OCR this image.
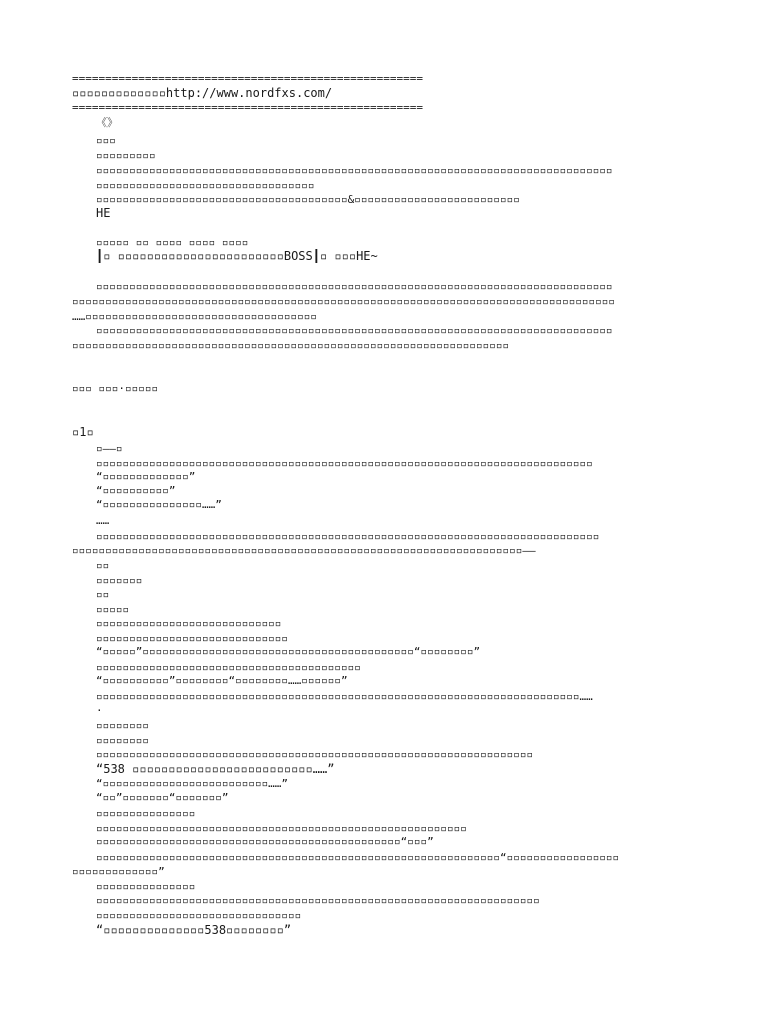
=====================================================
▫▫▫▫▫▫▫▫▫▫▫▫▫http://www.nordfxs.com/
=====================================================
《》
▫▫▫
▫▫▫▫▫▫▫▫▫
▫▫▫▫▫▫▫▫▫▫▫▫▫▫▫▫▫▫▫▫▫▫▫▫▫▫▫▫▫▫▫▫▫▫▫▫▫▫▫▫▫▫▫▫▫▫▫▫▫▫▫▫▫▫▫▫▫▫▫▫▫▫▫▫▫▫▫▫▫▫▫▫▫▫▫▫▫▫
▫▫▫▫▫▫▫▫▫▫▫▫▫▫▫▫▫▫▫▫▫▫▫▫▫▫▫▫▫▫▫▫▫
▫▫▫▫▫▫▫▫▫▫▫▫▫▫▫▫▫▫▫▫▫▫▫▫▫▫▫▫▫▫▫▫▫▫▫▫▫▫&▫▫▫▫▫▫▫▫▫▫▫▫▫▫▫▫▫▫▫▫▫▫▫▫▫
HE
▫▫▫▫▫ ▫▫ ▫▫▫▫ ▫▫▫▫ ▫▫▫▫
┃▫ ▫▫▫▫▫▫▫▫▫▫▫▫▫▫▫▫▫▫▫▫▫▫▫BOSS┃▫ ▫▫▫HE~
▫▫▫▫▫▫▫▫▫▫▫▫▫▫▫▫▫▫▫▫▫▫▫▫▫▫▫▫▫▫▫▫▫▫▫▫▫▫▫▫▫▫▫▫▫▫▫▫▫▫▫▫▫▫▫▫▫▫▫▫▫▫▫▫▫▫▫▫▫▫▫▫▫▫▫▫▫▫
▫▫▫▫▫▫▫▫▫▫▫▫▫▫▫▫▫▫▫▫▫▫▫▫▫▫▫▫▫▫▫▫▫▫▫▫▫▫▫▫▫▫▫▫▫▫▫▫▫▫▫▫▫▫▫▫▫▫▫▫▫▫▫▫▫▫▫▫▫▫▫▫▫▫▫▫▫▫▫▫▫▫
……▫▫▫▫▫▫▫▫▫▫▫▫▫▫▫▫▫▫▫▫▫▫▫▫▫▫▫▫▫▫▫▫▫▫▫
▫▫▫▫▫▫▫▫▫▫▫▫▫▫▫▫▫▫▫▫▫▫▫▫▫▫▫▫▫▫▫▫▫▫▫▫▫▫▫▫▫▫▫▫▫▫▫▫▫▫▫▫▫▫▫▫▫▫▫▫▫▫▫▫▫▫▫▫▫▫▫▫▫▫▫▫▫▫
▫▫▫▫▫▫▫▫▫▫▫▫▫▫▫▫▫▫▫▫▫▫▫▫▫▫▫▫▫▫▫▫▫▫▫▫▫▫▫▫▫▫▫▫▫▫▫▫▫▫▫▫▫▫▫▫▫▫▫▫▫▫▫▫▫▫
▫▫▫ ▫▫▫·▫▫▫▫▫
▫1▫
▫——▫
▫▫▫▫▫▫▫▫▫▫▫▫▫▫▫▫▫▫▫▫▫▫▫▫▫▫▫▫▫▫▫▫▫▫▫▫▫▫▫▫▫▫▫▫▫▫▫▫▫▫▫▫▫▫▫▫▫▫▫▫▫▫▫▫▫▫▫▫▫▫▫▫▫▫▫
“▫▫▫▫▫▫▫▫▫▫▫▫▫”
“▫▫▫▫▫▫▫▫▫▫”
“▫▫▫▫▫▫▫▫▫▫▫▫▫▫▫……”
……
▫▫▫▫▫▫▫▫▫▫▫▫▫▫▫▫▫▫▫▫▫▫▫▫▫▫▫▫▫▫▫▫▫▫▫▫▫▫▫▫▫▫▫▫▫▫▫▫▫▫▫▫▫▫▫▫▫▫▫▫▫▫▫▫▫▫▫▫▫▫▫▫▫▫▫▫
▫▫▫▫▫▫▫▫▫▫▫▫▫▫▫▫▫▫▫▫▫▫▫▫▫▫▫▫▫▫▫▫▫▫▫▫▫▫▫▫▫▫▫▫▫▫▫▫▫▫▫▫▫▫▫▫▫▫▫▫▫▫▫▫▫▫▫▫——
▫▫
▫▫▫▫▫▫▫
▫▫
▫▫▫▫▫
▫▫▫▫▫▫▫▫▫▫▫▫▫▫▫▫▫▫▫▫▫▫▫▫▫▫▫▫
▫▫▫▫▫▫▫▫▫▫▫▫▫▫▫▫▫▫▫▫▫▫▫▫▫▫▫▫▫
“▫▫▫▫▫”▫▫▫▫▫▫▫▫▫▫▫▫▫▫▫▫▫▫▫▫▫▫▫▫▫▫▫▫▫▫▫▫▫▫▫▫▫▫▫▫▫“▫▫▫▫▫▫▫▫”
▫▫▫▫▫▫▫▫▫▫▫▫▫▫▫▫▫▫▫▫▫▫▫▫▫▫▫▫▫▫▫▫▫▫▫▫▫▫▫▫
“▫▫▫▫▫▫▫▫▫▫”▫▫▫▫▫▫▫▫“▫▫▫▫▫▫▫▫……▫▫▫▫▫▫”
▫▫▫▫▫▫▫▫▫▫▫▫▫▫▫▫▫▫▫▫▫▫▫▫▫▫▫▫▫▫▫▫▫▫▫▫▫▫▫▫▫▫▫▫▫▫▫▫▫▫▫▫▫▫▫▫▫▫▫▫▫▫▫▫▫▫▫▫▫▫▫▫▫……
·
▫▫▫▫▫▫▫▫
▫▫▫▫▫▫▫▫
▫▫▫▫▫▫▫▫▫▫▫▫▫▫▫▫▫▫▫▫▫▫▫▫▫▫▫▫▫▫▫▫▫▫▫▫▫▫▫▫▫▫▫▫▫▫▫▫▫▫▫▫▫▫▫▫▫▫▫▫▫▫▫▫▫▫
“538 ▫▫▫▫▫▫▫▫▫▫▫▫▫▫▫▫▫▫▫▫▫▫▫▫▫……”
“▫▫▫▫▫▫▫▫▫▫▫▫▫▫▫▫▫▫▫▫▫▫▫▫▫……”
“▫▫”▫▫▫▫▫▫▫“▫▫▫▫▫▫▫”
▫▫▫▫▫▫▫▫▫▫▫▫▫▫▫
▫▫▫▫▫▫▫▫▫▫▫▫▫▫▫▫▫▫▫▫▫▫▫▫▫▫▫▫▫▫▫▫▫▫▫▫▫▫▫▫▫▫▫▫▫▫▫▫▫▫▫▫▫▫▫▫
▫▫▫▫▫▫▫▫▫▫▫▫▫▫▫▫▫▫▫▫▫▫▫▫▫▫▫▫▫▫▫▫▫▫▫▫▫▫▫▫▫▫▫▫▫▫“▫▫▫”
▫▫▫▫▫▫▫▫▫▫▫▫▫▫▫▫▫▫▫▫▫▫▫▫▫▫▫▫▫▫▫▫▫▫▫▫▫▫▫▫▫▫▫▫▫▫▫▫▫▫▫▫▫▫▫▫▫▫▫▫▫“▫▫▫▫▫▫▫▫▫▫▫▫▫▫▫▫▫
▫▫▫▫▫▫▫▫▫▫▫▫▫”
▫▫▫▫▫▫▫▫▫▫▫▫▫▫▫
▫▫▫▫▫▫▫▫▫▫▫▫▫▫▫▫▫▫▫▫▫▫▫▫▫▫▫▫▫▫▫▫▫▫▫▫▫▫▫▫▫▫▫▫▫▫▫▫▫▫▫▫▫▫▫▫▫▫▫▫▫▫▫▫▫▫▫
▫▫▫▫▫▫▫▫▫▫▫▫▫▫▫▫▫▫▫▫▫▫▫▫▫▫▫▫▫▫▫
“▫▫▫▫▫▫▫▫▫▫▫▫▫▫538▫▫▫▫▫▫▫▫”
